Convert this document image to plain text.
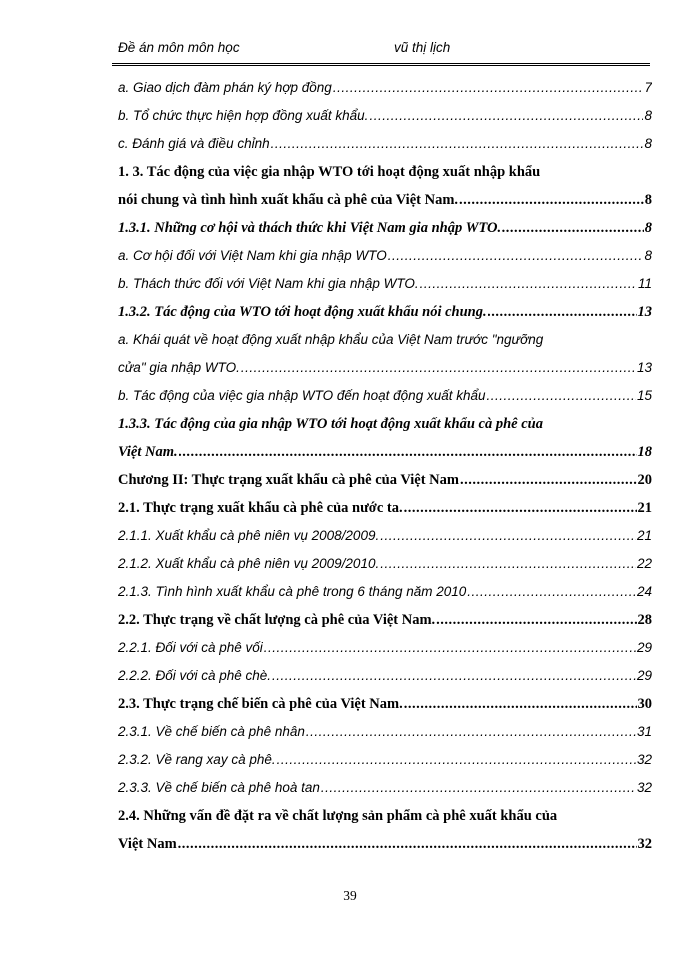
Đề án môn môn học	vũ thị lịch
a. Giao dịch đàm phán ký hợp đồng .....	7
b. Tổ chức thực hiện hợp đồng xuất khẩu. .....	8
c. Đánh giá và điều chỉnh .....	8
1. 3. Tác động của việc gia nhập WTO tới hoạt động xuất nhập khẩu
nói chung và tình hình xuất khẩu cà phê của Việt Nam. .....	8
1.3.1. Những cơ hội và thách thức khi Việt Nam gia nhập WTO. .....	8
a. Cơ hội đối với Việt Nam khi gia nhập WTO .....	8
b. Thách thức đối với Việt Nam khi gia nhập WTO. .....	11
1.3.2. Tác động của WTO tới hoạt động xuất khẩu nói chung. .....	13
a. Khái quát về hoạt động xuất nhập khẩu của Việt Nam trước "ngưỡng
cửa" gia nhập WTO. .....	13
b. Tác động của việc gia nhập WTO đến hoạt động xuất khẩu .....	15
1.3.3. Tác động của gia nhập WTO tới hoạt động xuất khẩu cà phê của
Việt Nam. .....	18
Chương II: Thực trạng xuất khẩu cà phê của Việt Nam .....	20
2.1. Thực trạng xuất khẩu cà phê của nước ta. .....	21
2.1.1. Xuất khẩu cà phê niên vụ 2008/2009. .....	21
2.1.2. Xuất khẩu cà phê niên vụ 2009/2010. .....	22
2.1.3. Tình hình xuất khẩu cà phê trong 6 tháng năm 2010 .....	24
2.2. Thực trạng về chất lượng cà phê của Việt Nam. .....	28
2.2.1. Đối với cà phê vối .....	29
2.2.2. Đối với cà phê chè. .....	29
2.3. Thực trạng chế biến cà phê của Việt Nam. .....	30
2.3.1. Về chế biến cà phê nhân .....	31
2.3.2. Về rang xay cà phê. .....	32
2.3.3. Về chế biến cà phê hoà tan .....	32
2.4. Những vấn đề đặt ra về chất lượng sản phẩm cà phê xuất khẩu của
Việt Nam .....	32
39
